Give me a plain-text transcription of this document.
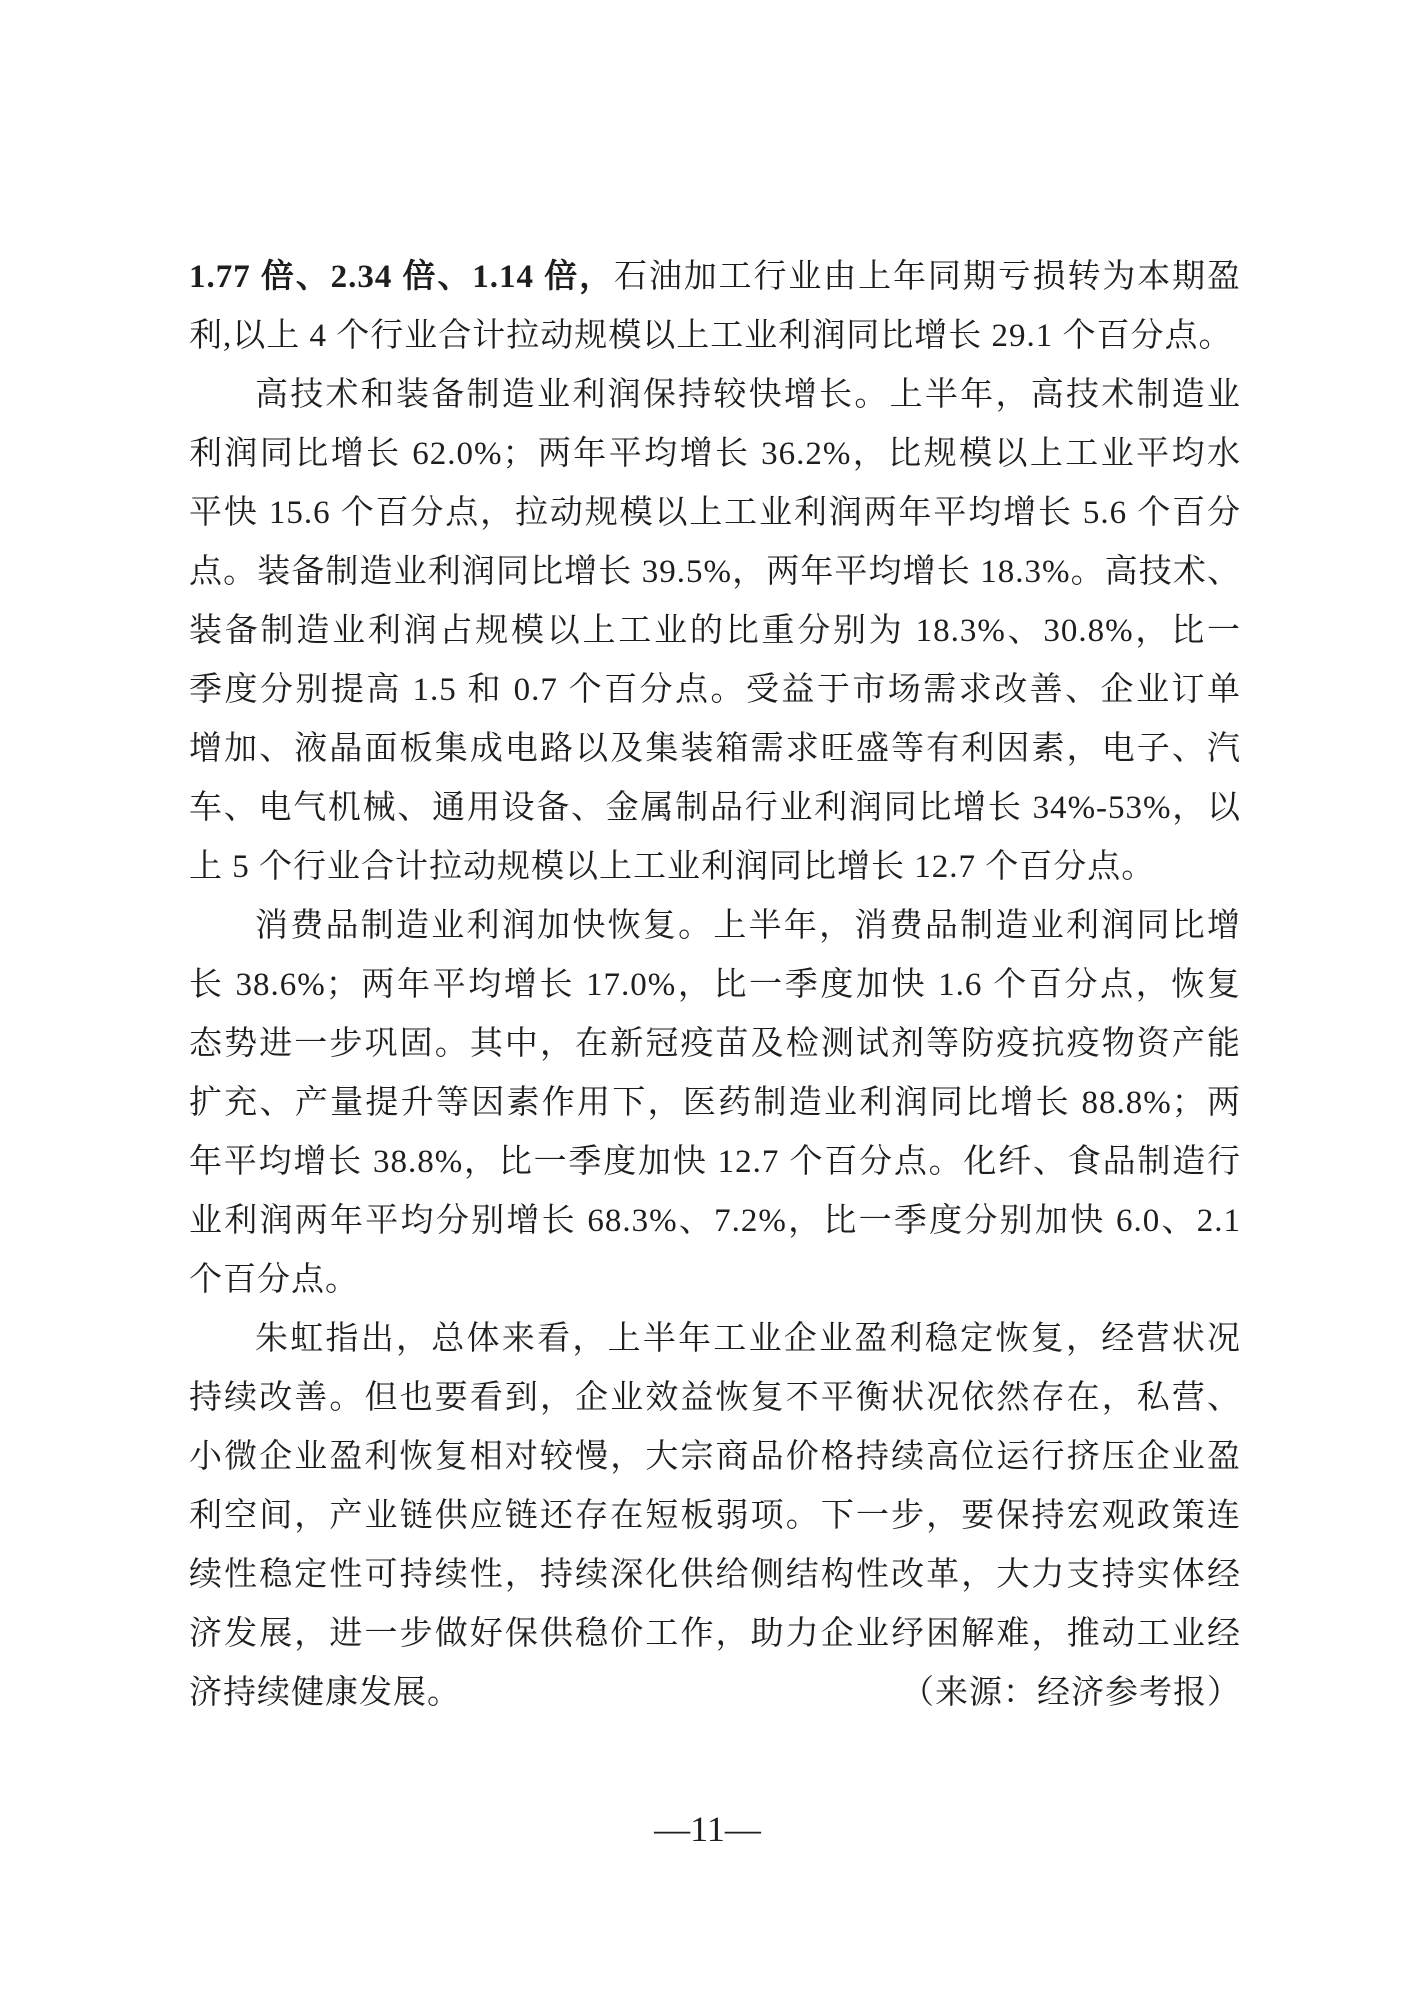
1.77 倍、2.34 倍、1.14 倍，石油加工行业由上年同期亏损转为本期盈
利,以上 4 个行业合计拉动规模以上工业利润同比增长 29.1 个百分点。
高技术和装备制造业利润保持较快增长。上半年，高技术制造业
利润同比增长 62.0%；两年平均增长 36.2%，比规模以上工业平均水
平快 15.6 个百分点，拉动规模以上工业利润两年平均增长 5.6 个百分
点。装备制造业利润同比增长 39.5%，两年平均增长 18.3%。高技术、
装备制造业利润占规模以上工业的比重分别为 18.3%、30.8%，比一
季度分别提高 1.5 和 0.7 个百分点。受益于市场需求改善、企业订单
增加、液晶面板集成电路以及集装箱需求旺盛等有利因素，电子、汽
车、电气机械、通用设备、金属制品行业利润同比增长 34%-53%，以
上 5 个行业合计拉动规模以上工业利润同比增长 12.7 个百分点。
消费品制造业利润加快恢复。上半年，消费品制造业利润同比增
长 38.6%；两年平均增长 17.0%，比一季度加快 1.6 个百分点，恢复
态势进一步巩固。其中，在新冠疫苗及检测试剂等防疫抗疫物资产能
扩充、产量提升等因素作用下，医药制造业利润同比增长 88.8%；两
年平均增长 38.8%，比一季度加快 12.7 个百分点。化纤、食品制造行
业利润两年平均分别增长 68.3%、7.2%，比一季度分别加快 6.0、2.1
个百分点。
朱虹指出，总体来看，上半年工业企业盈利稳定恢复，经营状况
持续改善。但也要看到，企业效益恢复不平衡状况依然存在，私营、
小微企业盈利恢复相对较慢，大宗商品价格持续高位运行挤压企业盈
利空间，产业链供应链还存在短板弱项。下一步，要保持宏观政策连
续性稳定性可持续性，持续深化供给侧结构性改革，大力支持实体经
济发展，进一步做好保供稳价工作，助力企业纾困解难，推动工业经
济持续健康发展。	（来源：经济参考报）
—11—
